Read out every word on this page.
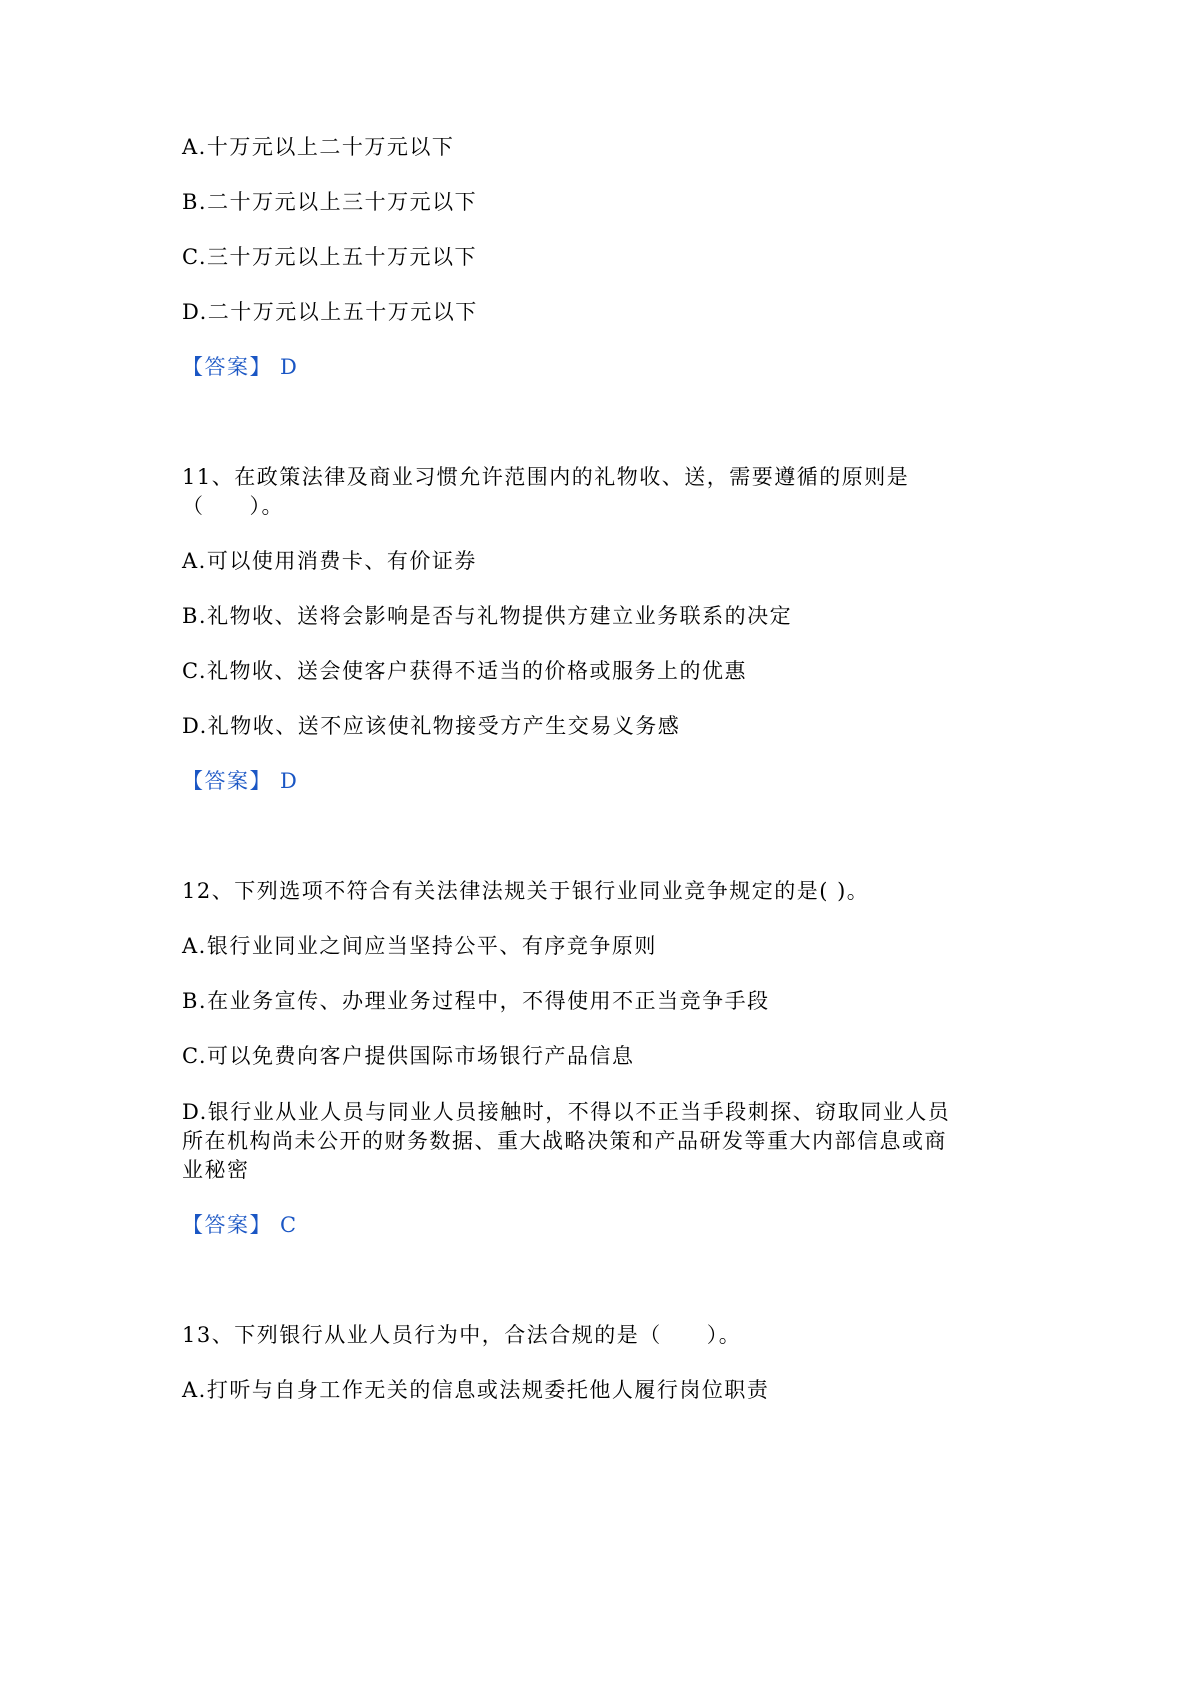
A.十万元以上二十万元以下
B.二十万元以上三十万元以下
C.三十万元以上五十万元以下
D.二十万元以上五十万元以下
【答案】 D
11、在政策法律及商业习惯允许范围内的礼物收、送，需要遵循的原则是
（　　）。
A.可以使用消费卡、有价证券
B.礼物收、送将会影响是否与礼物提供方建立业务联系的决定
C.礼物收、送会使客户获得不适当的价格或服务上的优惠
D.礼物收、送不应该使礼物接受方产生交易义务感
【答案】 D
12、下列选项不符合有关法律法规关于银行业同业竞争规定的是( )。
A.银行业同业之间应当坚持公平、有序竞争原则
B.在业务宣传、办理业务过程中，不得使用不正当竞争手段
C.可以免费向客户提供国际市场银行产品信息
D.银行业从业人员与同业人员接触时，不得以不正当手段刺探、窃取同业人员
所在机构尚未公开的财务数据、重大战略决策和产品研发等重大内部信息或商
业秘密
【答案】 C
13、下列银行从业人员行为中，合法合规的是（　　）。
A.打听与自身工作无关的信息或法规委托他人履行岗位职责
